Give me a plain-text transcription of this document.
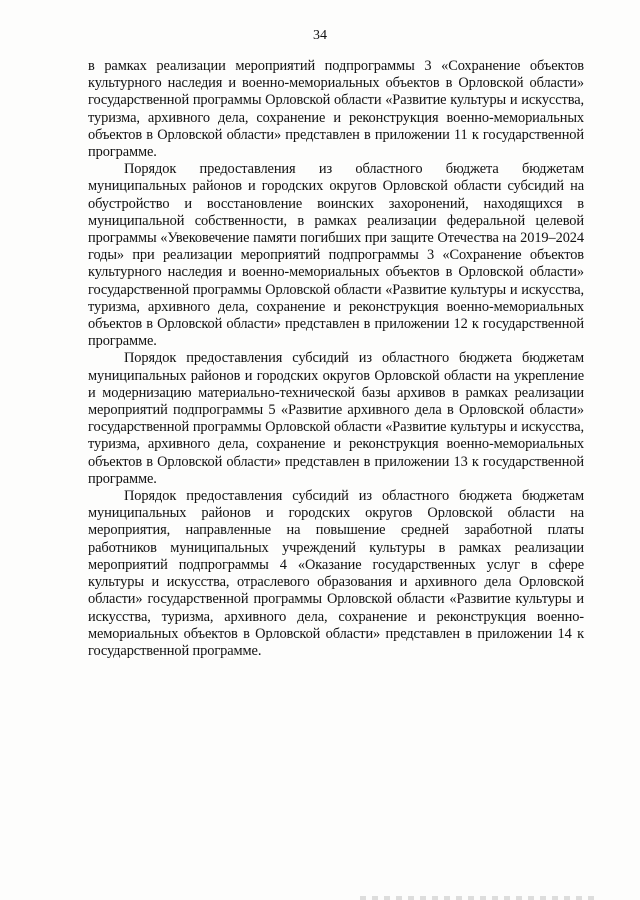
34

в рамках реализации мероприятий подпрограммы 3 «Сохранение объектов культурного наследия и военно-мемориальных объектов в Орловской области» государственной программы Орловской области «Развитие культуры и искусства, туризма, архивного дела, сохранение и реконструкция военно-мемориальных объектов в Орловской области» представлен в приложении 11 к государственной программе.

Порядок предоставления из областного бюджета бюджетам муниципальных районов и городских округов Орловской области субсидий на обустройство и восстановление воинских захоронений, находящихся в муниципальной собственности, в рамках реализации федеральной целевой программы «Увековечение памяти погибших при защите Отечества на 2019–2024 годы» при реализации мероприятий подпрограммы 3 «Сохранение объектов культурного наследия и военно-мемориальных объектов в Орловской области» государственной программы Орловской области «Развитие культуры и искусства, туризма, архивного дела, сохранение и реконструкция военно-мемориальных объектов в Орловской области» представлен в приложении 12 к государственной программе.

Порядок предоставления субсидий из областного бюджета бюджетам муниципальных районов и городских округов Орловской области на укрепление и модернизацию материально-технической базы архивов в рамках реализации мероприятий подпрограммы 5 «Развитие архивного дела в Орловской области» государственной программы Орловской области «Развитие культуры и искусства, туризма, архивного дела, сохранение и реконструкция военно-мемориальных объектов в Орловской области» представлен в приложении 13 к государственной программе.

Порядок предоставления субсидий из областного бюджета бюджетам муниципальных районов и городских округов Орловской области на мероприятия, направленные на повышение средней заработной платы работников муниципальных учреждений культуры в рамках реализации мероприятий подпрограммы 4 «Оказание государственных услуг в сфере культуры и искусства, отраслевого образования и архивного дела Орловской области» государственной программы Орловской области «Развитие культуры и искусства, туризма, архивного дела, сохранение и реконструкция военно-мемориальных объектов в Орловской области» представлен в приложении 14 к государственной программе.
